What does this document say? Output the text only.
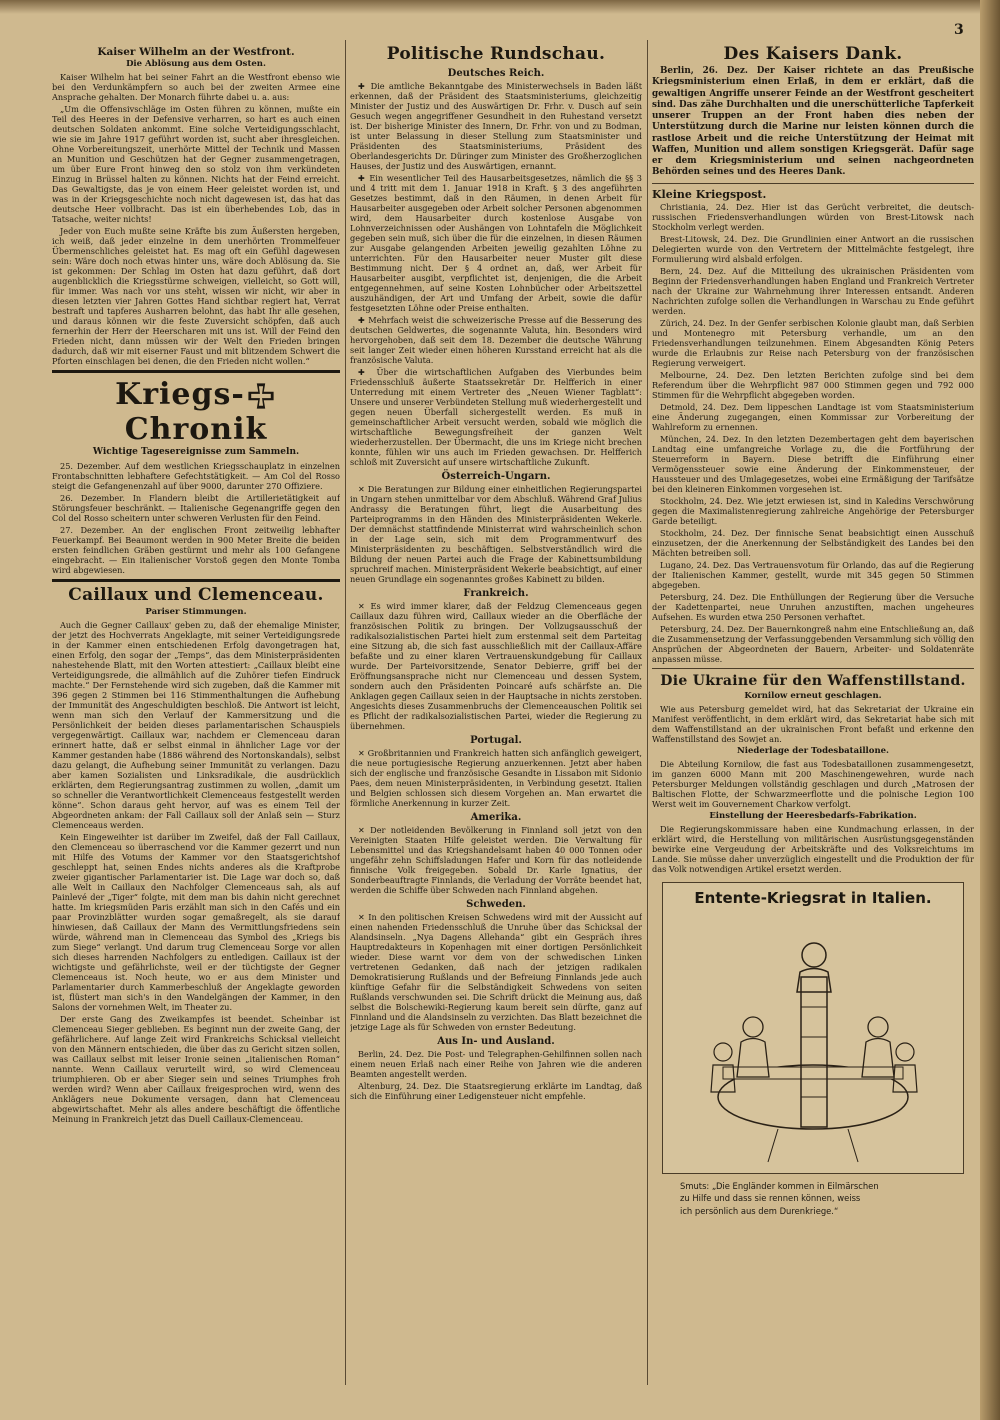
3
Kaiser Wilhelm an der Westfront.
Die Ablösung aus dem Osten.

Kaiser Wilhelm hat bei seiner Fahrt an die Westfront ebenso wie bei den Verdunkämpfern so auch bei der zweiten Armee eine Ansprache gehalten. Der Monarch führte dabei u. a. aus:

„Um die Offensivschläge im Osten führen zu können, mußte ein Teil des Heeres in der Defensive verharren, so hart es auch einen deutschen Soldaten ankommt. Eine solche Verteidigungsschlacht, wie sie im Jahre 1917 geführt worden ist, sucht aber ihresgleichen. Ohne Vorbereitungszeit, unerhörte Mittel der Technik und Massen an Munition und Geschützen hat der Gegner zusammengetragen, um über Eure Front hinweg den so stolz von ihm verkündeten Einzug in Brüssel halten zu können. Nichts hat der Feind erreicht. Das Gewaltigste, das je von einem Heer geleistet worden ist, und was in der Kriegsgeschichte noch nicht dagewesen ist, das hat das deutsche Heer vollbracht. Das ist ein überhebendes Lob, das in Tatsache, weiter nichts!

Jeder von Euch mußte seine Kräfte bis zum Äußersten hergeben, ich weiß, daß jeder einzelne in dem unerhörten Trommelfeuer Übermenschliches geleistet hat. Es mag oft ein Gefühl dagewesen sein: Wäre doch noch etwas hinter uns, wäre doch Ablösung da. Sie ist gekommen: Der Schlag im Osten hat dazu geführt, daß dort augenblicklich die Kriegsstürme schweigen, vielleicht, so Gott will, für immer. Was nach vor uns steht, wissen wir nicht, wir aber in diesen letzten vier Jahren Gottes Hand sichtbar regiert hat, Verrat bestraft und tapferes Ausharren belohnt, das habt Ihr alle gesehen, und daraus können wir die feste Zuversicht schöpfen, daß auch fernerhin der Herr der Heerscharen mit uns ist. Will der Feind den Frieden nicht, dann müssen wir der Welt den Frieden bringen dadurch, daß wir mit eiserner Faust und mit blitzendem Schwert die Pforten einschlagen bei denen, die den Frieden nicht wollen.“

Kriegs-Chronik
Wichtige Tagesereignisse zum Sammeln.

25. Dezember. Auf dem westlichen Kriegsschauplatz in einzelnen Frontabschnitten lebhaftere Gefechtstätigkeit. — Am Col del Rosso steigt die Gefangenenzahl auf über 9000, darunter 270 Offiziere.

26. Dezember. In Flandern bleibt die Artillerietätigkeit auf Störungsfeuer beschränkt. — Italienische Gegenangriffe gegen den Col del Rosso scheitern unter schweren Verlusten für den Feind.

27. Dezember. An der englischen Front zeitweilig lebhafter Feuerkampf. Bei Beaumont werden in 900 Meter Breite die beiden ersten feindlichen Gräben gestürmt und mehr als 100 Gefangene eingebracht. — Ein italienischer Vorstoß gegen den Monte Tomba wird abgewiesen.

Caillaux und Clemenceau.
Pariser Stimmungen.

Auch die Gegner Caillaux' geben zu, daß der ehemalige Minister, der jetzt des Hochverrats Angeklagte, mit seiner Verteidigungsrede in der Kammer einen entschiedenen Erfolg davongetragen hat, einen Erfolg, den sogar der „Temps“, das dem Ministerpräsidenten nahestehende Blatt, mit den Worten attestiert: „Caillaux bleibt eine Verteidigungsrede, die allmählich auf die Zuhörer tiefen Eindruck machte.“ Der Fernstehende wird sich zugeben, daß die Kammer mit 396 gegen 2 Stimmen bei 116 Stimmenthaltungen die Aufhebung der Immunität des Angeschuldigten beschloß. Die Antwort ist leicht, wenn man sich den Verlauf der Kammersitzung und die Persönlichkeit der beiden dieses parlamentarischen Schauspiels vergegenwärtigt. Caillaux war, nachdem er Clemenceau daran erinnert hatte, daß er selbst einmal in ähnlicher Lage vor der Kammer gestanden habe (1886 während des Nortonskandals), selbst dazu gelangt, die Aufhebung seiner Immunität zu verlangen. Dazu aber kamen Sozialisten und Linksradikale, die ausdrücklich erklärten, dem Regierungsantrag zustimmen zu wollen, „damit um so schneller die Verantwortlichkeit Clemenceaus festgestellt werden könne“. Schon daraus geht hervor, auf was es einem Teil der Abgeordneten ankam: der Fall Caillaux soll der Anlaß sein — Sturz Clemenceaus werden.

Kein Eingeweihter ist darüber im Zweifel, daß der Fall Caillaux, den Clemenceau so überraschend vor die Kammer gezerrt und nun mit Hilfe des Votums der Kammer vor den Staatsgerichtshof geschleppt hat, seinen Endes nichts anderes als die Kraftprobe zweier gigantischer Parlamentarier ist. Die Lage war doch so, daß alle Welt in Caillaux den Nachfolger Clemenceaus sah, als auf Painlevé der „Tiger“ folgte, mit dem man bis dahin nicht gerechnet hatte. Im kriegsmüden Paris erzählt man sich in den Cafés und ein paar Provinzblätter wurden sogar gemaßregelt, als sie darauf hinwiesen, daß Caillaux der Mann des Vermittlungsfriedens sein würde, während man in Clemenceau das Symbol des „Kriegs bis zum Siege“ verlangt. Und darum trug Clemenceau Sorge vor allen sich dieses harrenden Nachfolgers zu entledigen. Caillaux ist der wichtigste und gefährlichste, weil er der tüchtigste der Gegner Clemenceaus ist. Noch heute, wo er aus dem Minister und Parlamentarier durch Kammerbeschluß der Angeklagte geworden ist, flüstert man sich's in den Wandelgängen der Kammer, in den Salons der vornehmen Welt, im Theater zu.

Der erste Gang des Zweikampfes ist beendet. Scheinbar ist Clemenceau Sieger geblieben. Es beginnt nun der zweite Gang, der gefährlichere. Auf lange Zeit wird Frankreichs Schicksal vielleicht von den Männern entschieden, die über das zu Gericht sitzen sollen, was Caillaux selbst mit leiser Ironie seinen „italienischen Roman“ nannte. Wenn Caillaux verurteilt wird, so wird Clemenceau triumphieren. Ob er aber Sieger sein und seines Triumphes froh werden wird? Wenn aber Caillaux freigesprochen wird, wenn des Anklägers neue Dokumente versagen, dann hat Clemenceau abgewirtschaftet. Mehr als alles andere beschäftigt die öffentliche Meinung in Frankreich jetzt das Duell Caillaux-Clemenceau.

Politische Rundschau.
Deutsches Reich.

✚ Die amtliche Bekanntgabe des Ministerwechsels in Baden läßt erkennen, daß der Präsident des Staatsministeriums, gleichzeitig Minister der Justiz und des Auswärtigen Dr. Frhr. v. Dusch auf sein Gesuch wegen angegriffener Gesundheit in den Ruhestand versetzt ist. Der bisherige Minister des Innern, Dr. Frhr. von und zu Bodman, ist unter Belassung in dieser Stellung zum Staatsminister und Präsidenten des Staatsministeriums, Präsident des Oberlandesgerichts Dr. Düringer zum Minister des Großherzoglichen Hauses, der Justiz und des Auswärtigen, ernannt.

✚ Ein wesentlicher Teil des Hausarbeitsgesetzes, nämlich die §§ 3 und 4 tritt mit dem 1. Januar 1918 in Kraft. § 3 des angeführten Gesetzes bestimmt, daß in den Räumen, in denen Arbeit für Hausarbeiter ausgegeben oder Arbeit solcher Personen abgenommen wird, dem Hausarbeiter durch kostenlose Ausgabe von Lohnverzeichnissen oder Aushängen von Lohntafeln die Möglichkeit gegeben sein muß, sich über die für die einzelnen, in diesen Räumen zur Ausgabe gelangenden Arbeiten jeweilig gezahlten Löhne zu unterrichten. Für den Hausarbeiter neuer Muster gilt diese Bestimmung nicht. Der § 4 ordnet an, daß, wer Arbeit für Hausarbeiter ausgibt, verpflichtet ist, denjenigen, die die Arbeit entgegennehmen, auf seine Kosten Lohnbücher oder Arbeitszettel auszuhändigen, der Art und Umfang der Arbeit, sowie die dafür festgesetzten Löhne oder Preise enthalten.

✚ Mehrfach weist die schweizerische Presse auf die Besserung des deutschen Geldwertes, die sogenannte Valuta, hin. Besonders wird hervorgehoben, daß seit dem 18. Dezember die deutsche Währung seit langer Zeit wieder einen höheren Kursstand erreicht hat als die französische Valuta.

✚ Über die wirtschaftlichen Aufgaben des Vierbundes beim Friedensschluß äußerte Staatssekretär Dr. Helfferich in einer Unterredung mit einem Vertreter des „Neuen Wiener Tagblatt“: Unsere und unserer Verbündeten Stellung muß wiederhergestellt und gegen neuen Überfall sichergestellt werden. Es muß in gemeinschaftlicher Arbeit versucht werden, sobald wie möglich die wirtschaftliche Bewegungsfreiheit der ganzen Welt wiederherzustellen. Der Übermacht, die uns im Kriege nicht brechen konnte, fühlen wir uns auch im Frieden gewachsen. Dr. Helfferich schloß mit Zuversicht auf unsere wirtschaftliche Zukunft.

Österreich-Ungarn.

✕ Die Beratungen zur Bildung einer einheitlichen Regierungspartei in Ungarn stehen unmittelbar vor dem Abschluß. Während Graf Julius Andrassy die Beratungen führt, liegt die Ausarbeitung des Parteiprogramms in den Händen des Ministerpräsidenten Wekerle. Der demnächst stattfindende Ministerrat wird wahrscheinlich schon in der Lage sein, sich mit dem Programmentwurf des Ministerpräsidenten zu beschäftigen. Selbstverständlich wird die Bildung der neuen Partei auch die Frage der Kabinettsumbildung spruchreif machen. Ministerpräsident Wekerle beabsichtigt, auf einer neuen Grundlage ein sogenanntes großes Kabinett zu bilden.

Frankreich.

✕ Es wird immer klarer, daß der Feldzug Clemenceaus gegen Caillaux dazu führen wird, Caillaux wieder an die Oberfläche der französischen Politik zu bringen. Der Vollzugsausschuß der radikalsozialistischen Partei hielt zum erstenmal seit dem Parteitag eine Sitzung ab, die sich fast ausschließlich mit der Caillaux-Affäre befaßte und zu einer klaren Vertrauenskundgebung für Caillaux wurde. Der Parteivorsitzende, Senator Debierre, griff bei der Eröffnungsansprache nicht nur Clemenceau und dessen System, sondern auch den Präsidenten Poincaré aufs schärfste an. Die Anklagen gegen Caillaux seien in der Hauptsache in nichts zerstoben. Angesichts dieses Zusammenbruchs der Clemenceauschen Politik sei es Pflicht der radikalsozialistischen Partei, wieder die Regierung zu übernehmen.

Portugal.

✕ Großbritannien und Frankreich hatten sich anfänglich geweigert, die neue portugiesische Regierung anzuerkennen. Jetzt aber haben sich der englische und französische Gesandte in Lissabon mit Sidonio Paes, dem neuen Ministerpräsidenten, in Verbindung gesetzt. Italien und Belgien schlossen sich diesem Vorgehen an. Man erwartet die förmliche Anerkennung in kurzer Zeit.

Amerika.

✕ Der notleidenden Bevölkerung in Finnland soll jetzt von den Vereinigten Staaten Hilfe geleistet werden. Die Verwaltung für Lebensmittel und das Kriegshandelsamt haben 40 000 Tonnen oder ungefähr zehn Schiffsladungen Hafer und Korn für das notleidende finnische Volk freigegeben. Sobald Dr. Karle Ignatius, der Sonderbeauftragte Finnlands, die Verladung der Vorräte beendet hat, werden die Schiffe über Schweden nach Finnland abgehen.

Schweden.

✕ In den politischen Kreisen Schwedens wird mit der Aussicht auf einen nahenden Friedensschluß die Unruhe über das Schicksal der Alandsinseln. „Nya Dagens Allehanda“ gibt ein Gespräch ihres Hauptredakteurs in Kopenhagen mit einer dortigen Persönlichkeit wieder. Diese warnt vor dem von der schwedischen Linken vertretenen Gedanken, daß nach der jetzigen radikalen Demokratisierung Rußlands und der Befreiung Finnlands jede auch künftige Gefahr für die Selbständigkeit Schwedens von seiten Rußlands verschwunden sei. Die Schrift drückt die Meinung aus, daß selbst die Bolschewiki-Regierung kaum bereit sein dürfte, ganz auf Finnland und die Alandsinseln zu verzichten. Das Blatt bezeichnet die jetzige Lage als für Schweden von ernster Bedeutung.

Aus In- und Ausland.

Berlin, 24. Dez. Die Post- und Telegraphen-Gehilfinnen sollen nach einem neuen Erlaß nach einer Reihe von Jahren wie die anderen Beamten angestellt werden.

Altenburg, 24. Dez. Die Staatsregierung erklärte im Landtag, daß sich die Einführung einer Ledigensteuer nicht empfehle.

Des Kaisers Dank.

Berlin, 26. Dez. Der Kaiser richtete an das Preußische Kriegsministerium einen Erlaß, in dem er erklärt, daß die gewaltigen Angriffe unserer Feinde an der Westfront gescheitert sind. Das zähe Durchhalten und die unerschütterliche Tapferkeit unserer Truppen an der Front haben dies neben der Unterstützung durch die Marine nur leisten können durch die rastlose Arbeit und die reiche Unterstützung der Heimat mit Waffen, Munition und allem sonstigen Kriegsgerät. Dafür sage er dem Kriegsministerium und seinen nachgeordneten Behörden seines und des Heeres Dank.

Kleine Kriegspost.

Christiania, 24. Dez. Hier ist das Gerücht verbreitet, die deutsch-russischen Friedensverhandlungen würden von Brest-Litowsk nach Stockholm verlegt werden.

Brest-Litowsk, 24. Dez. Die Grundlinien einer Antwort an die russischen Delegierten wurde von den Vertretern der Mittelmächte festgelegt, ihre Formulierung wird alsbald erfolgen.

Bern, 24. Dez. Auf die Mitteilung des ukrainischen Präsidenten vom Beginn der Friedensverhandlungen haben England und Frankreich Vertreter nach der Ukraine zur Wahrnehmung ihrer Interessen entsandt. Anderen Nachrichten zufolge sollen die Verhandlungen in Warschau zu Ende geführt werden.

Zürich, 24. Dez. In der Genfer serbischen Kolonie glaubt man, daß Serbien und Montenegro mit Petersburg verhandle, um an den Friedensverhandlungen teilzunehmen. Einem Abgesandten König Peters wurde die Erlaubnis zur Reise nach Petersburg von der französischen Regierung verweigert.

Melbourne, 24. Dez. Den letzten Berichten zufolge sind bei dem Referendum über die Wehrpflicht 987 000 Stimmen gegen und 792 000 Stimmen für die Wehrpflicht abgegeben worden.

Detmold, 24. Dez. Dem lippeschen Landtage ist vom Staatsministerium eine Änderung zugegangen, einen Kommissar zur Vorbereitung der Wahlreform zu ernennen.

München, 24. Dez. In den letzten Dezembertagen geht dem bayerischen Landtag eine umfangreiche Vorlage zu, die die Fortführung der Steuerreform in Bayern. Diese betrifft die Einführung einer Vermögenssteuer sowie eine Änderung der Einkommensteuer, der Haussteuer und des Umlagegesetzes, wobei eine Ermäßigung der Tarifsätze bei den kleineren Einkommen vorgesehen ist.

Stockholm, 24. Dez. Wie jetzt erwiesen ist, sind in Kaledins Verschwörung gegen die Maximalistenregierung zahlreiche Angehörige der Petersburger Garde beteiligt.

Stockholm, 24. Dez. Der finnische Senat beabsichtigt einen Ausschuß einzusetzen, der die Anerkennung der Selbständigkeit des Landes bei den Mächten betreiben soll.

Lugano, 24. Dez. Das Vertrauensvotum für Orlando, das auf die Regierung der Italienischen Kammer, gestellt, wurde mit 345 gegen 50 Stimmen abgegeben.

Petersburg, 24. Dez. Die Enthüllungen der Regierung über die Versuche der Kadettenpartei, neue Unruhen anzustiften, machen ungeheures Aufsehen. Es wurden etwa 250 Personen verhaftet.

Petersburg, 24. Dez. Der Bauernkongreß nahm eine Entschließung an, daß die Zusammensetzung der Verfassunggebenden Versammlung sich völlig den Ansprüchen der Abgeordneten der Bauern, Arbeiter- und Soldatenräte anpassen müsse.

Die Ukraine für den Waffenstillstand.
Kornilow erneut geschlagen.

Wie aus Petersburg gemeldet wird, hat das Sekretariat der Ukraine ein Manifest veröffentlicht, in dem erklärt wird, das Sekretariat habe sich mit dem Waffenstillstand an der ukrainischen Front befaßt und erkenne den Waffenstillstand des Sowjet an.

Niederlage der Todesbataillone.

Die Abteilung Kornilow, die fast aus Todesbataillonen zusammengesetzt, im ganzen 6000 Mann mit 200 Maschinengewehren, wurde nach Petersburger Meldungen vollständig geschlagen und durch „Matrosen der Baltischen Flotte, der Schwarzmeerflotte und die polnische Legion 100 Werst weit im Gouvernement Charkow verfolgt.

Einstellung der Heeresbedarfs-Fabrikation.

Die Regierungskommissare haben eine Kundmachung erlassen, in der erklärt wird, die Herstellung von militärischen Ausrüstungsgegenständen bewirke eine Vergeudung der Arbeitskräfte und des Volksreichtums im Lande. Sie müsse daher unverzüglich eingestellt und die Produktion der für das Volk notwendigen Artikel ersetzt werden.

Entente-Kriegsrat in Italien.
Smuts: „Die Engländer kommen in Eilmärschen
zu Hilfe und dass sie rennen können, weiss
ich persönlich aus dem Durenkriege.“
